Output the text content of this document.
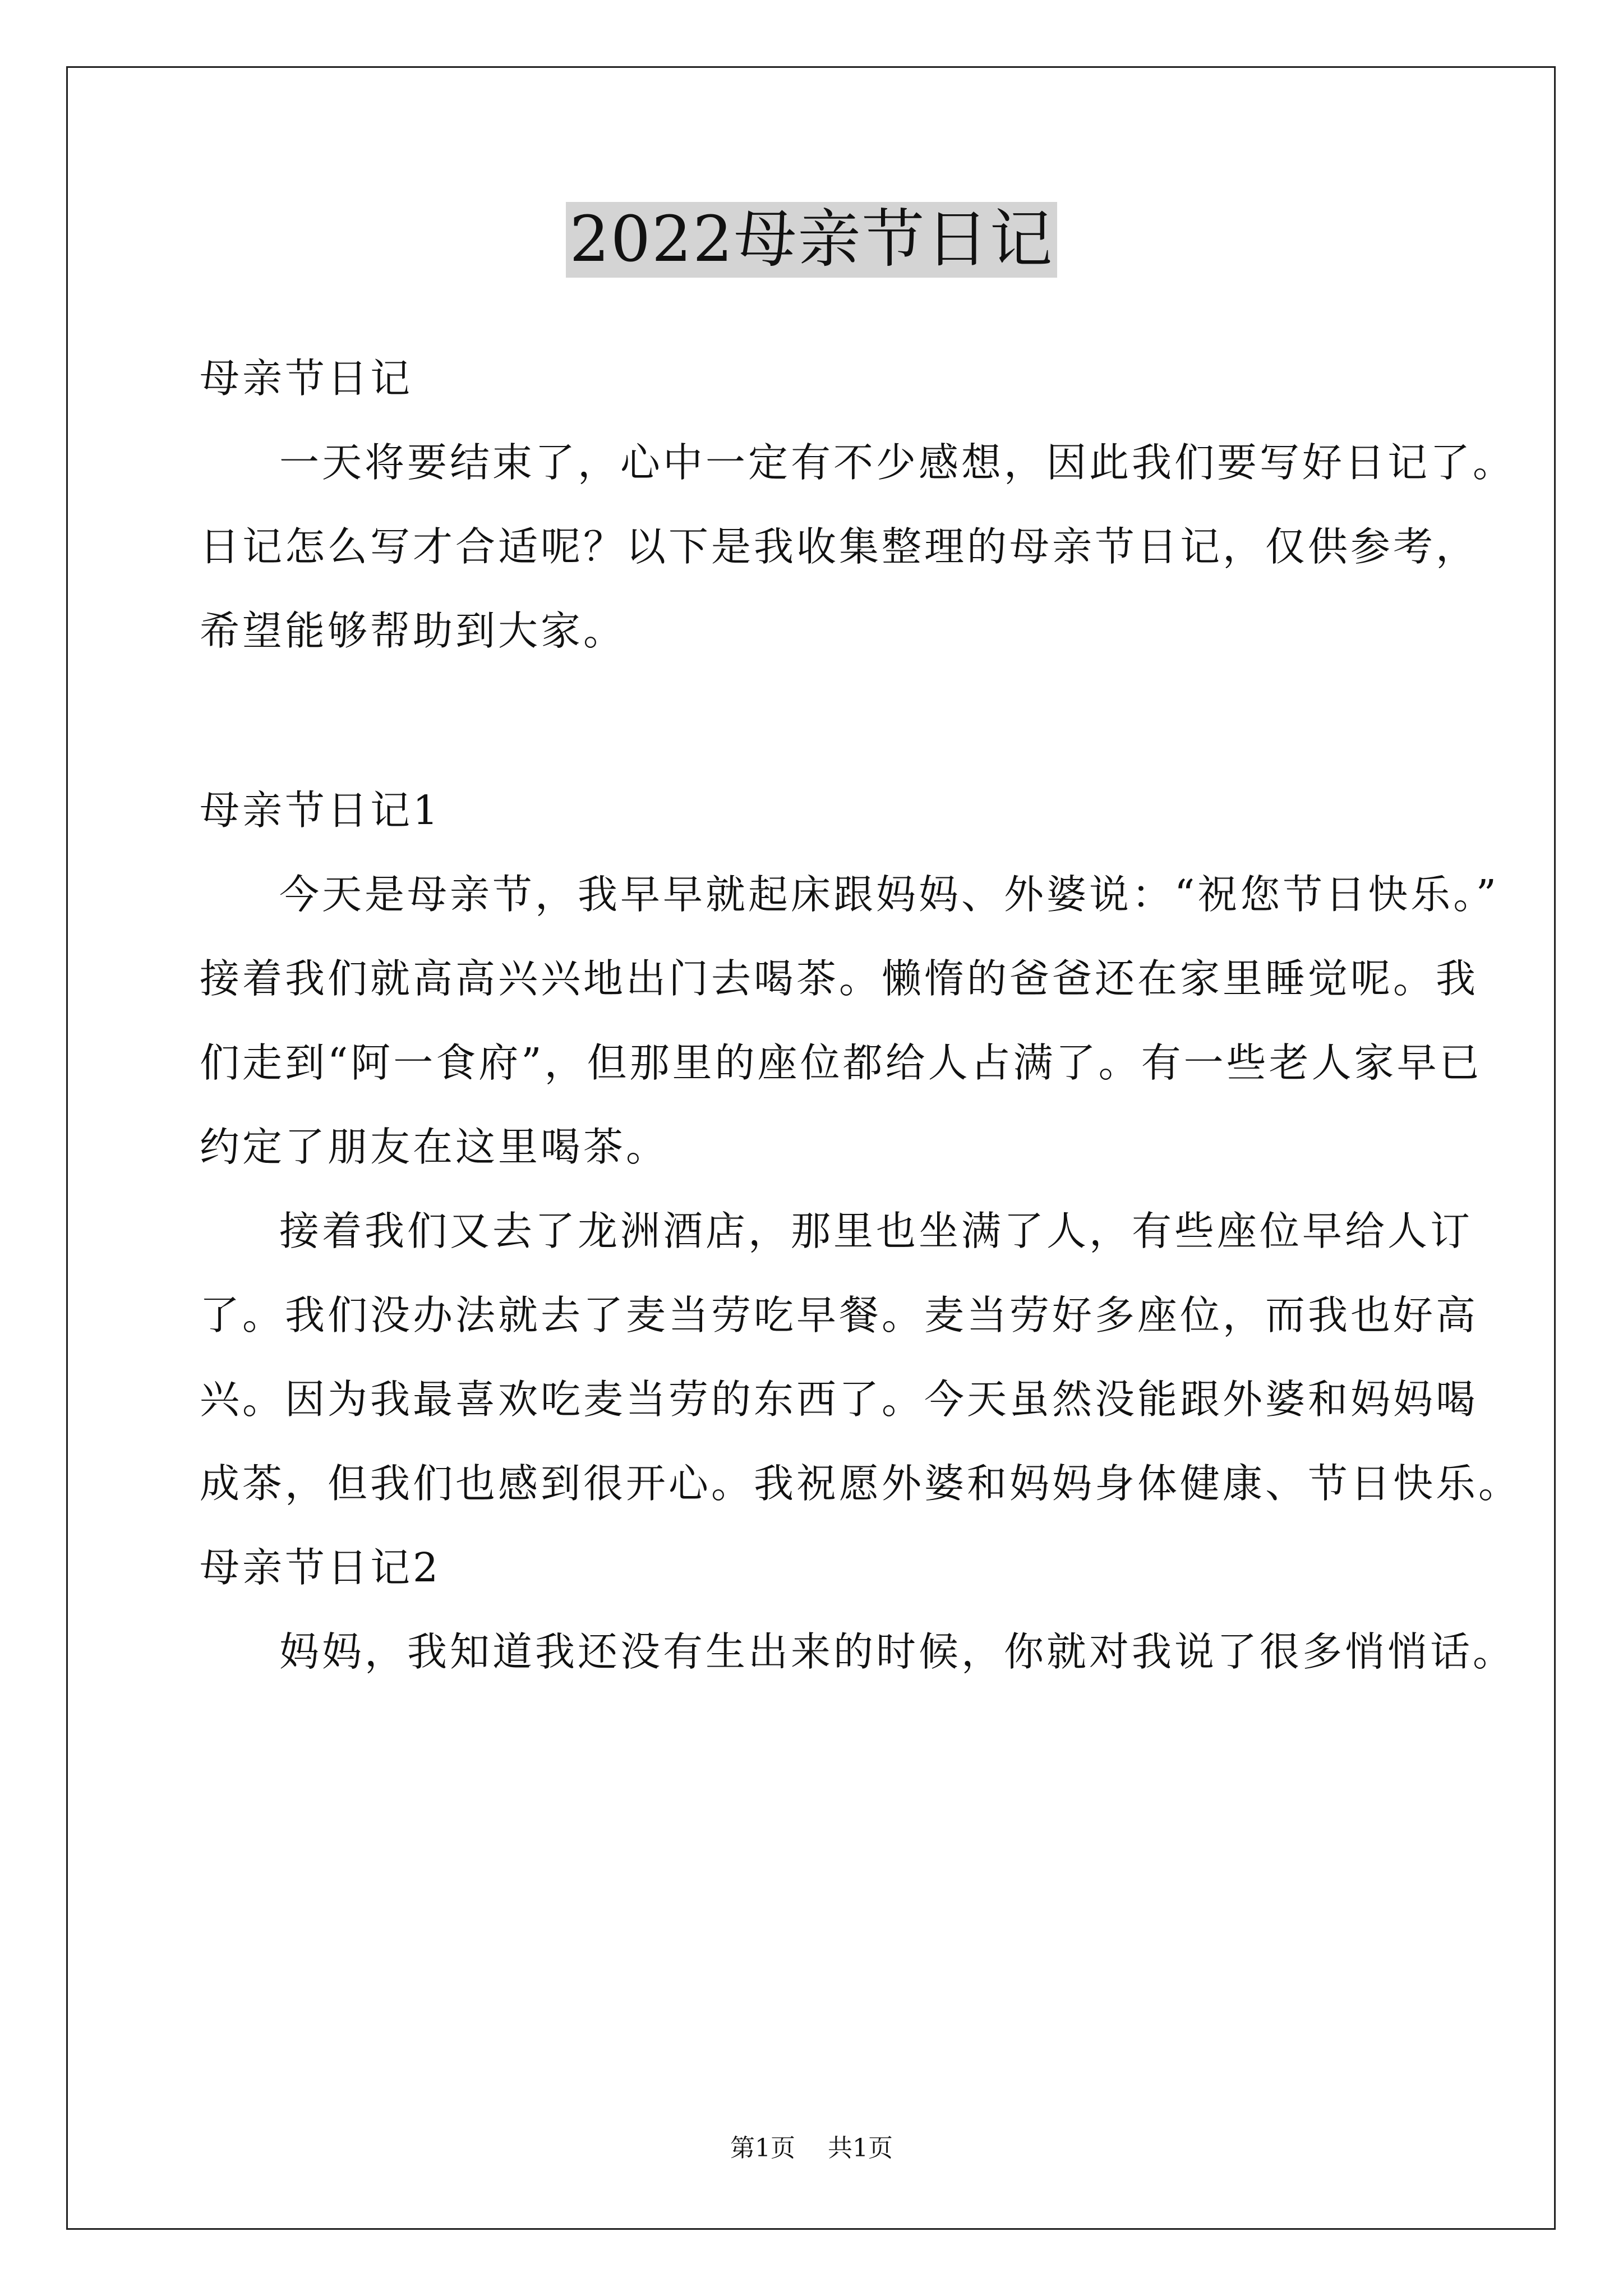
2022母亲节日记
母亲节日记
一天将要结束了，心中一定有不少感想，因此我们要写好日记了。
日记怎么写才合适呢？以下是我收集整理的母亲节日记，仅供参考，
希望能够帮助到大家。
母亲节日记1
今天是母亲节，我早早就起床跟妈妈、外婆说：“祝您节日快乐。”
接着我们就高高兴兴地出门去喝茶。懒惰的爸爸还在家里睡觉呢。我
们走到“阿一食府”，但那里的座位都给人占满了。有一些老人家早已
约定了朋友在这里喝茶。
接着我们又去了龙洲酒店，那里也坐满了人，有些座位早给人订
了。我们没办法就去了麦当劳吃早餐。麦当劳好多座位，而我也好高
兴。因为我最喜欢吃麦当劳的东西了。今天虽然没能跟外婆和妈妈喝
成茶，但我们也感到很开心。我祝愿外婆和妈妈身体健康、节日快乐。
母亲节日记2
妈妈，我知道我还没有生出来的时候，你就对我说了很多悄悄话。
第1页 共1页
